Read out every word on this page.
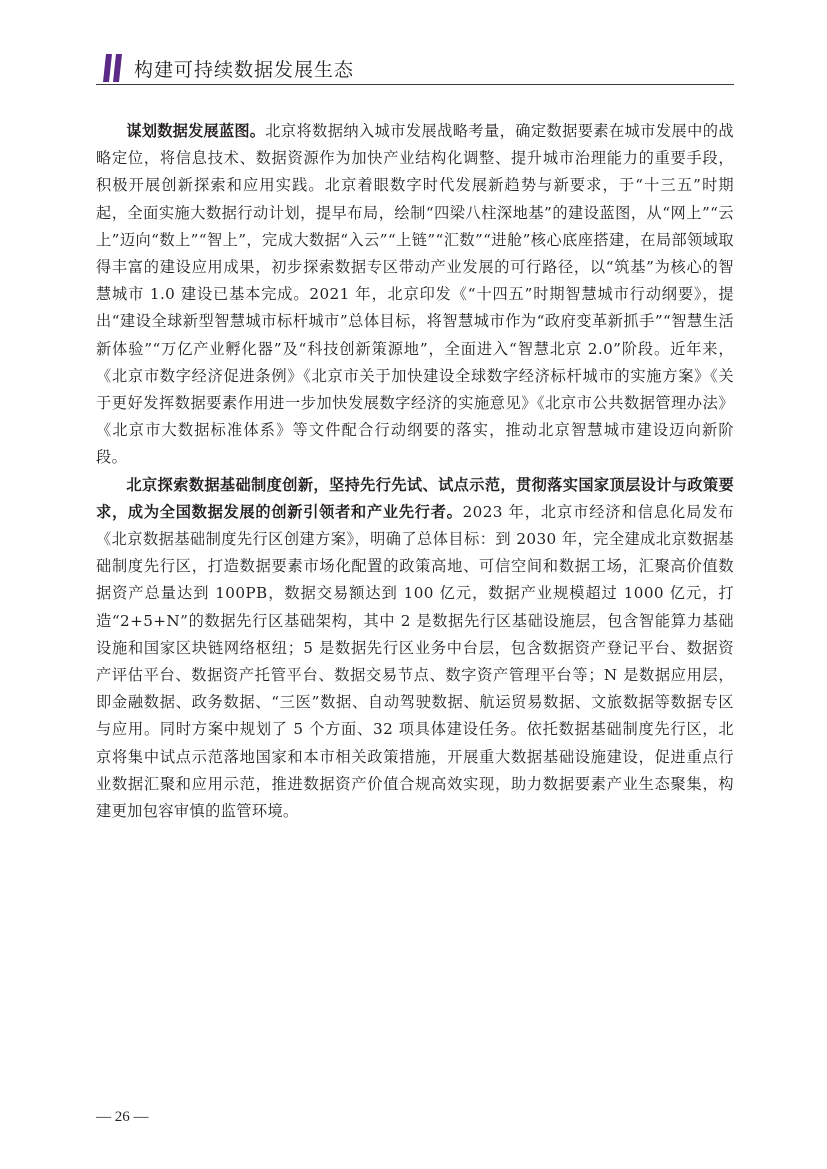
构建可持续数据发展生态

谋划数据发展蓝图。北京将数据纳入城市发展战略考量，确定数据要素在城市发展中的战略定位，将信息技术、数据资源作为加快产业结构化调整、提升城市治理能力的重要手段，积极开展创新探索和应用实践。北京着眼数字时代发展新趋势与新要求，于“十三五”时期起，全面实施大数据行动计划，提早布局，绘制“四梁八柱深地基”的建设蓝图，从“网上”“云上”迈向“数上”“智上”，完成大数据“入云”“上链”“汇数”“进舱”核心底座搭建，在局部领域取得丰富的建设应用成果，初步探索数据专区带动产业发展的可行路径，以“筑基”为核心的智慧城市 1.0 建设已基本完成。2021 年，北京印发《“十四五”时期智慧城市行动纲要》，提出“建设全球新型智慧城市标杆城市”总体目标，将智慧城市作为“政府变革新抓手”“智慧生活新体验”“万亿产业孵化器”及“科技创新策源地”，全面进入“智慧北京 2.0”阶段。近年来，《北京市数字经济促进条例》《北京市关于加快建设全球数字经济标杆城市的实施方案》《关于更好发挥数据要素作用进一步加快发展数字经济的实施意见》《北京市公共数据管理办法》《北京市大数据标准体系》等文件配合行动纲要的落实，推动北京智慧城市建设迈向新阶段。

北京探索数据基础制度创新，坚持先行先试、试点示范，贯彻落实国家顶层设计与政策要求，成为全国数据发展的创新引领者和产业先行者。2023 年，北京市经济和信息化局发布《北京数据基础制度先行区创建方案》，明确了总体目标：到 2030 年，完全建成北京数据基础制度先行区，打造数据要素市场化配置的政策高地、可信空间和数据工场，汇聚高价值数据资产总量达到 100PB，数据交易额达到 100 亿元，数据产业规模超过 1000 亿元，打造“2+5+N”的数据先行区基础架构，其中 2 是数据先行区基础设施层，包含智能算力基础设施和国家区块链网络枢纽；5 是数据先行区业务中台层，包含数据资产登记平台、数据资产评估平台、数据资产托管平台、数据交易节点、数字资产管理平台等；N 是数据应用层，即金融数据、政务数据、“三医”数据、自动驾驶数据、航运贸易数据、文旅数据等数据专区与应用。同时方案中规划了 5 个方面、32 项具体建设任务。依托数据基础制度先行区，北京将集中试点示范落地国家和本市相关政策措施，开展重大数据基础设施建设，促进重点行业数据汇聚和应用示范，推进数据资产价值合规高效实现，助力数据要素产业生态聚集，构建更加包容审慎的监管环境。

— 26 —
